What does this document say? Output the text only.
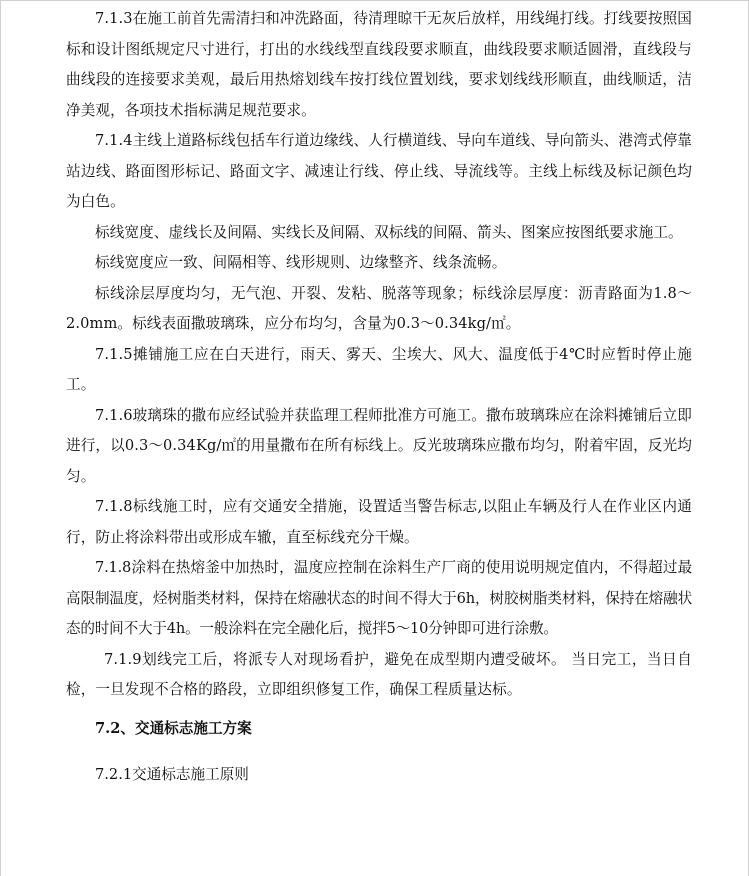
7.1.3在施工前首先需清扫和冲洗路面，待清理晾干无灰后放样，用线绳打线。打线要按照国标和设计图纸规定尺寸进行，打出的水线线型直线段要求顺直，曲线段要求顺适圆滑，直线段与曲线段的连接要求美观，最后用热熔划线车按打线位置划线，要求划线线形顺直，曲线顺适，洁净美观，各项技术指标满足规范要求。

7.1.4主线上道路标线包括车行道边缘线、人行横道线、导向车道线、导向箭头、港湾式停靠站边线、路面图形标记、路面文字、减速让行线、停止线、导流线等。主线上标线及标记颜色均为白色。

标线宽度、虚线长及间隔、实线长及间隔、双标线的间隔、箭头、图案应按图纸要求施工。

标线宽度应一致、间隔相等、线形规则、边缘整齐、线条流畅。

标线涂层厚度均匀，无气泡、开裂、发粘、脱落等现象；标线涂层厚度：沥青路面为1.8～2.0mm。标线表面撒玻璃珠，应分布均匀，含量为0.3～0.34kg/㎡。

7.1.5摊铺施工应在白天进行，雨天、雾天、尘埃大、风大、温度低于4℃时应暂时停止施工。

7.1.6玻璃珠的撒布应经试验并获监理工程师批准方可施工。撒布玻璃珠应在涂料摊铺后立即进行，以0.3～0.34Kg/㎡的用量撒布在所有标线上。反光玻璃珠应撒布均匀，附着牢固，反光均匀。

7.1.8标线施工时，应有交通安全措施，设置适当警告标志,以阻止车辆及行人在作业区内通行，防止将涂料带出或形成车辙，直至标线充分干燥。

7.1.8涂料在热熔釜中加热时，温度应控制在涂料生产厂商的使用说明规定值内，不得超过最高限制温度，烃树脂类材料，保持在熔融状态的时间不得大于6h，树胶树脂类材料，保持在熔融状态的时间不大于4h。一般涂料在完全融化后，搅拌5～10分钟即可进行涂敷。

7.1.9划线完工后，将派专人对现场看护，避免在成型期内遭受破坏。 当日完工，当日自检，一旦发现不合格的路段，立即组织修复工作，确保工程质量达标。

7.2、交通标志施工方案

7.2.1交通标志施工原则
